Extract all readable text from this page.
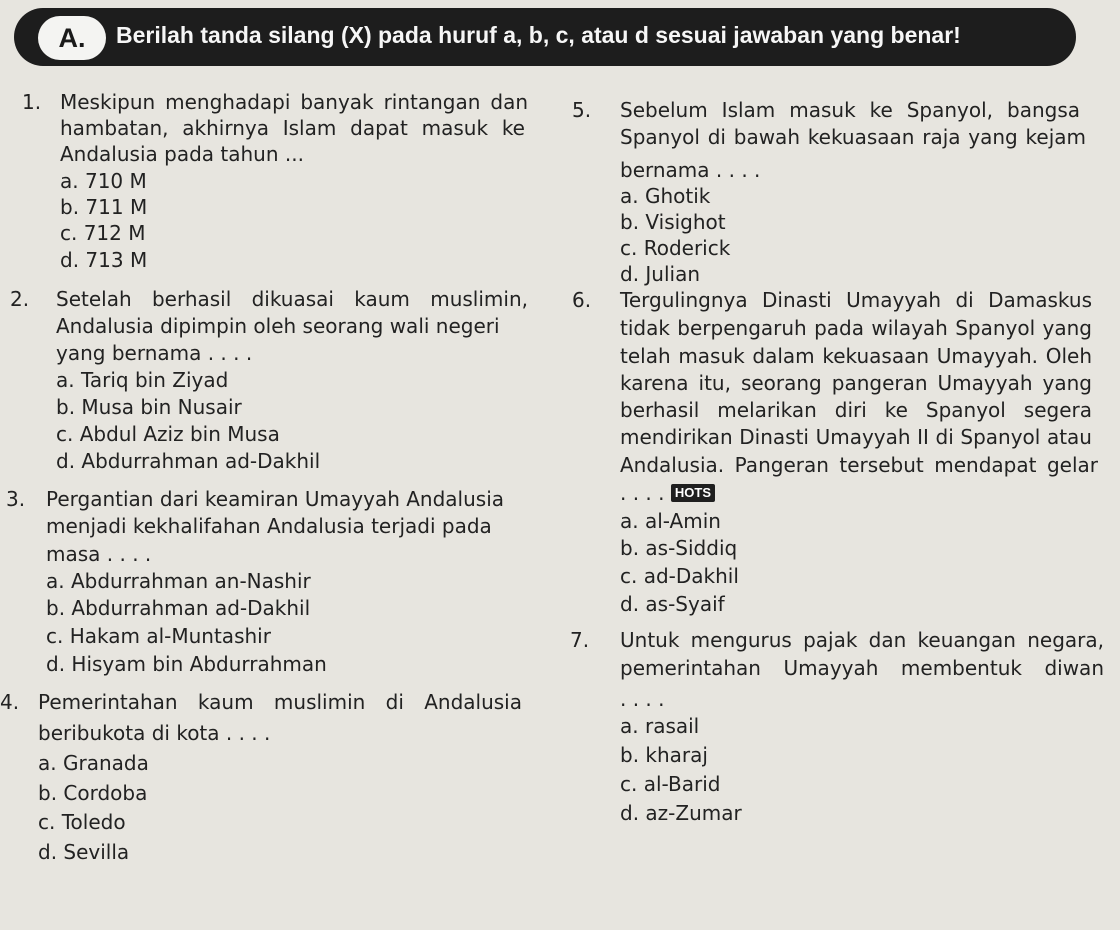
A.	Berilah tanda silang (X) pada huruf a, b, c, atau d sesuai jawaban yang benar!
1. Meskipun menghadapi banyak rintangan dan
hambatan, akhirnya Islam dapat masuk ke
Andalusia pada tahun ...
a. 710 M
b. 711 M
c. 712 M
d. 713 M
2. Setelah berhasil dikuasai kaum muslimin,
Andalusia dipimpin oleh seorang wali negeri
yang bernama . . . .
a. Tariq bin Ziyad
b. Musa bin Nusair
c. Abdul Aziz bin Musa
d. Abdurrahman ad-Dakhil
3. Pergantian dari keamiran Umayyah Andalusia
menjadi kekhalifahan Andalusia terjadi pada
masa . . . .
a. Abdurrahman an-Nashir
b. Abdurrahman ad-Dakhil
c. Hakam al-Muntashir
d. Hisyam bin Abdurrahman
4. Pemerintahan kaum muslimin di Andalusia
beribukota di kota . . . .
a. Granada
b. Cordoba
c. Toledo
d. Sevilla
5. Sebelum Islam masuk ke Spanyol, bangsa
Spanyol di bawah kekuasaan raja yang kejam
bernama . . . .
a. Ghotik
b. Visighot
c. Roderick
d. Julian
6. Tergulingnya Dinasti Umayyah di Damaskus
tidak berpengaruh pada wilayah Spanyol yang
telah masuk dalam kekuasaan Umayyah. Oleh
karena itu, seorang pangeran Umayyah yang
berhasil melarikan diri ke Spanyol segera
mendirikan Dinasti Umayyah II di Spanyol atau
Andalusia. Pangeran tersebut mendapat gelar
. . . . HOTS
a. al-Amin
b. as-Siddiq
c. ad-Dakhil
d. as-Syaif
7. Untuk mengurus pajak dan keuangan negara,
pemerintahan Umayyah membentuk diwan
. . . .
a. rasail
b. kharaj
c. al-Barid
d. az-Zumar
